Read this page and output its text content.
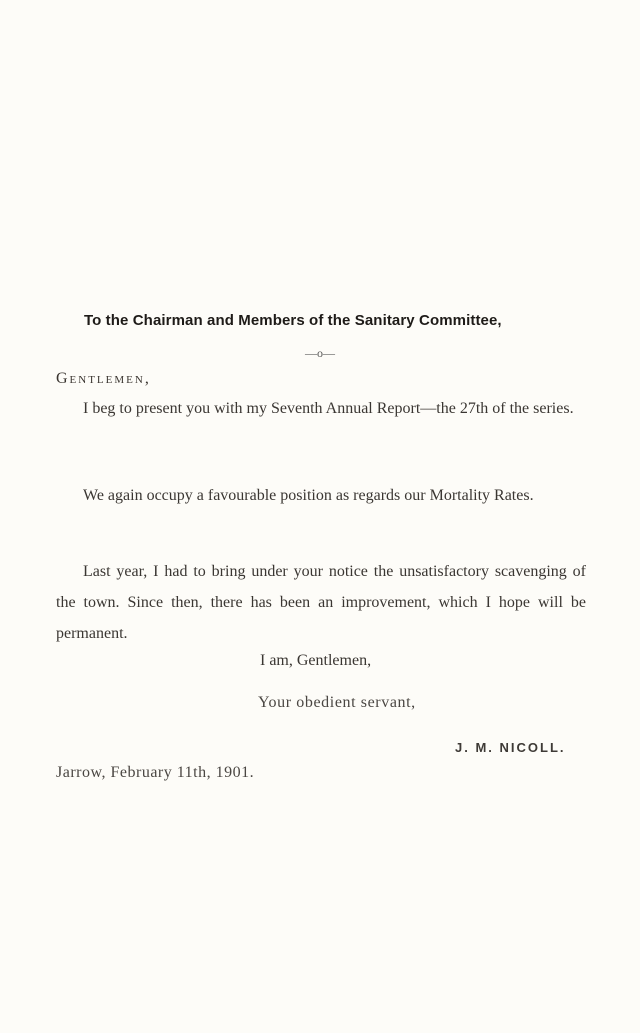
To the Chairman and Members of the Sanitary Committee,
—o—
Gentlemen,
I beg to present you with my Seventh Annual Report—the 27th of the series.
We again occupy a favourable position as regards our Mortality Rates.
Last year, I had to bring under your notice the unsatisfactory scavenging of the town. Since then, there has been an improvement, which I hope will be permanent.
I am, Gentlemen,
Your obedient servant,
J. M. NICOLL.
Jarrow, February 11th, 1901.
